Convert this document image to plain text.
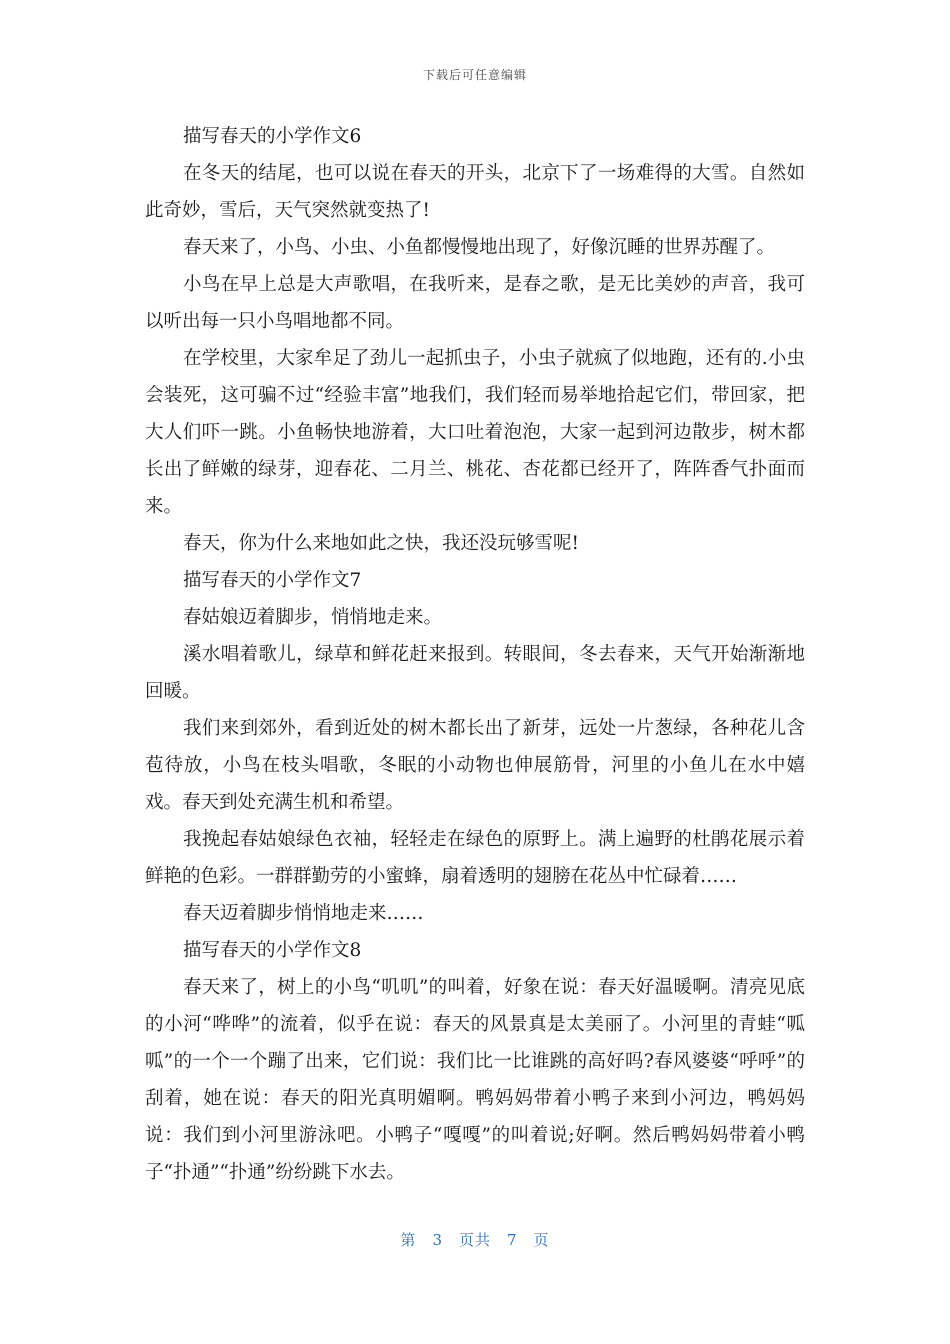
下载后可任意编辑

描写春天的小学作文6

在冬天的结尾，也可以说在春天的开头，北京下了一场难得的大雪。自然如此奇妙，雪后，天气突然就变热了!

春天来了，小鸟、小虫、小鱼都慢慢地出现了，好像沉睡的世界苏醒了。

小鸟在早上总是大声歌唱，在我听来，是春之歌，是无比美妙的声音，我可以听出每一只小鸟唱地都不同。

在学校里，大家牟足了劲儿一起抓虫子，小虫子就疯了似地跑，还有的.小虫会装死，这可骗不过“经验丰富”地我们，我们轻而易举地拾起它们，带回家，把大人们吓一跳。小鱼畅快地游着，大口吐着泡泡，大家一起到河边散步，树木都长出了鲜嫩的绿芽，迎春花、二月兰、桃花、杏花都已经开了，阵阵香气扑面而来。

春天，你为什么来地如此之快，我还没玩够雪呢!

描写春天的小学作文7

春姑娘迈着脚步，悄悄地走来。

溪水唱着歌儿，绿草和鲜花赶来报到。转眼间，冬去春来，天气开始渐渐地回暖。

我们来到郊外，看到近处的树木都长出了新芽，远处一片葱绿，各种花儿含苞待放，小鸟在枝头唱歌，冬眠的小动物也伸展筋骨，河里的小鱼儿在水中嬉戏。春天到处充满生机和希望。

我挽起春姑娘绿色衣袖，轻轻走在绿色的原野上。满上遍野的杜鹃花展示着鲜艳的色彩。一群群勤劳的小蜜蜂，扇着透明的翅膀在花丛中忙碌着……

春天迈着脚步悄悄地走来……

描写春天的小学作文8

春天来了，树上的小鸟“叽叽”的叫着，好象在说：春天好温暖啊。清亮见底的小河“哗哗”的流着，似乎在说：春天的风景真是太美丽了。小河里的青蛙“呱呱”的一个一个蹦了出来，它们说：我们比一比谁跳的高好吗?春风婆婆“呼呼”的刮着，她在说：春天的阳光真明媚啊。鸭妈妈带着小鸭子来到小河边，鸭妈妈说：我们到小河里游泳吧。小鸭子“嘎嘎”的叫着说;好啊。然后鸭妈妈带着小鸭子“扑通”“扑通”纷纷跳下水去。

第 3 页共 7 页
